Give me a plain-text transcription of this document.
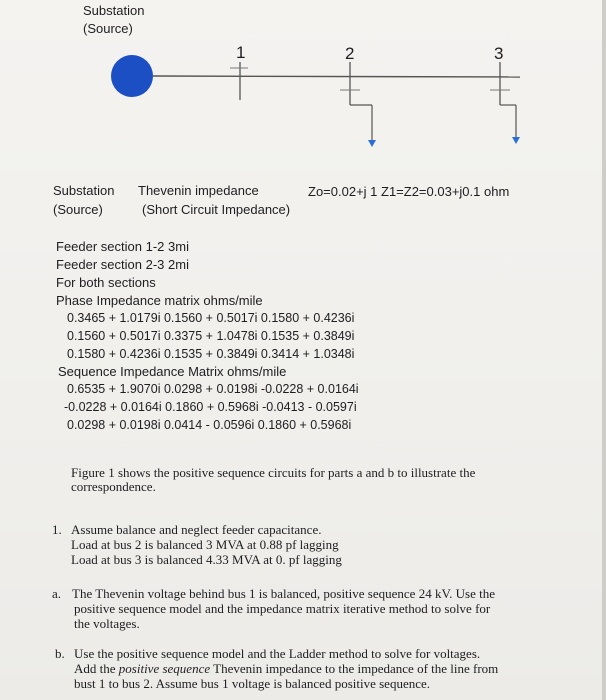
Substation
(Source)
1	2	3
Substation
(Source)
Thevenin impedance
(Short Circuit Impedance)
Zo=0.02+j 1 Z1=Z2=0.03+j0.1 ohm
Feeder section 1-2 3mi
Feeder section 2-3 2mi
For both sections
Phase Impedance matrix ohms/mile
0.3465 + 1.0179i 0.1560 + 0.5017i 0.1580 + 0.4236i
0.1560 + 0.5017i 0.3375 + 1.0478i 0.1535 + 0.3849i
0.1580 + 0.4236i 0.1535 + 0.3849i 0.3414 + 1.0348i
Sequence Impedance Matrix ohms/mile
0.6535 + 1.9070i 0.0298 + 0.0198i -0.0228 + 0.0164i
-0.0228 + 0.0164i 0.1860 + 0.5968i -0.0413 - 0.0597i
0.0298 + 0.0198i 0.0414 - 0.0596i 0.1860 + 0.5968i
Figure 1 shows the positive sequence circuits for parts a and b to illustrate the
correspondence.
1. Assume balance and neglect feeder capacitance.
Load at bus 2 is balanced 3 MVA at 0.88 pf lagging
Load at bus 3 is balanced 4.33 MVA at 0. pf lagging
a. The Thevenin voltage behind bus 1 is balanced, positive sequence 24 kV. Use the
positive sequence model and the impedance matrix iterative method to solve for
the voltages.
b. Use the positive sequence model and the Ladder method to solve for voltages.
Add the positive sequence Thevenin impedance to the impedance of the line from
bust 1 to bus 2. Assume bus 1 voltage is balanced positive sequence.
